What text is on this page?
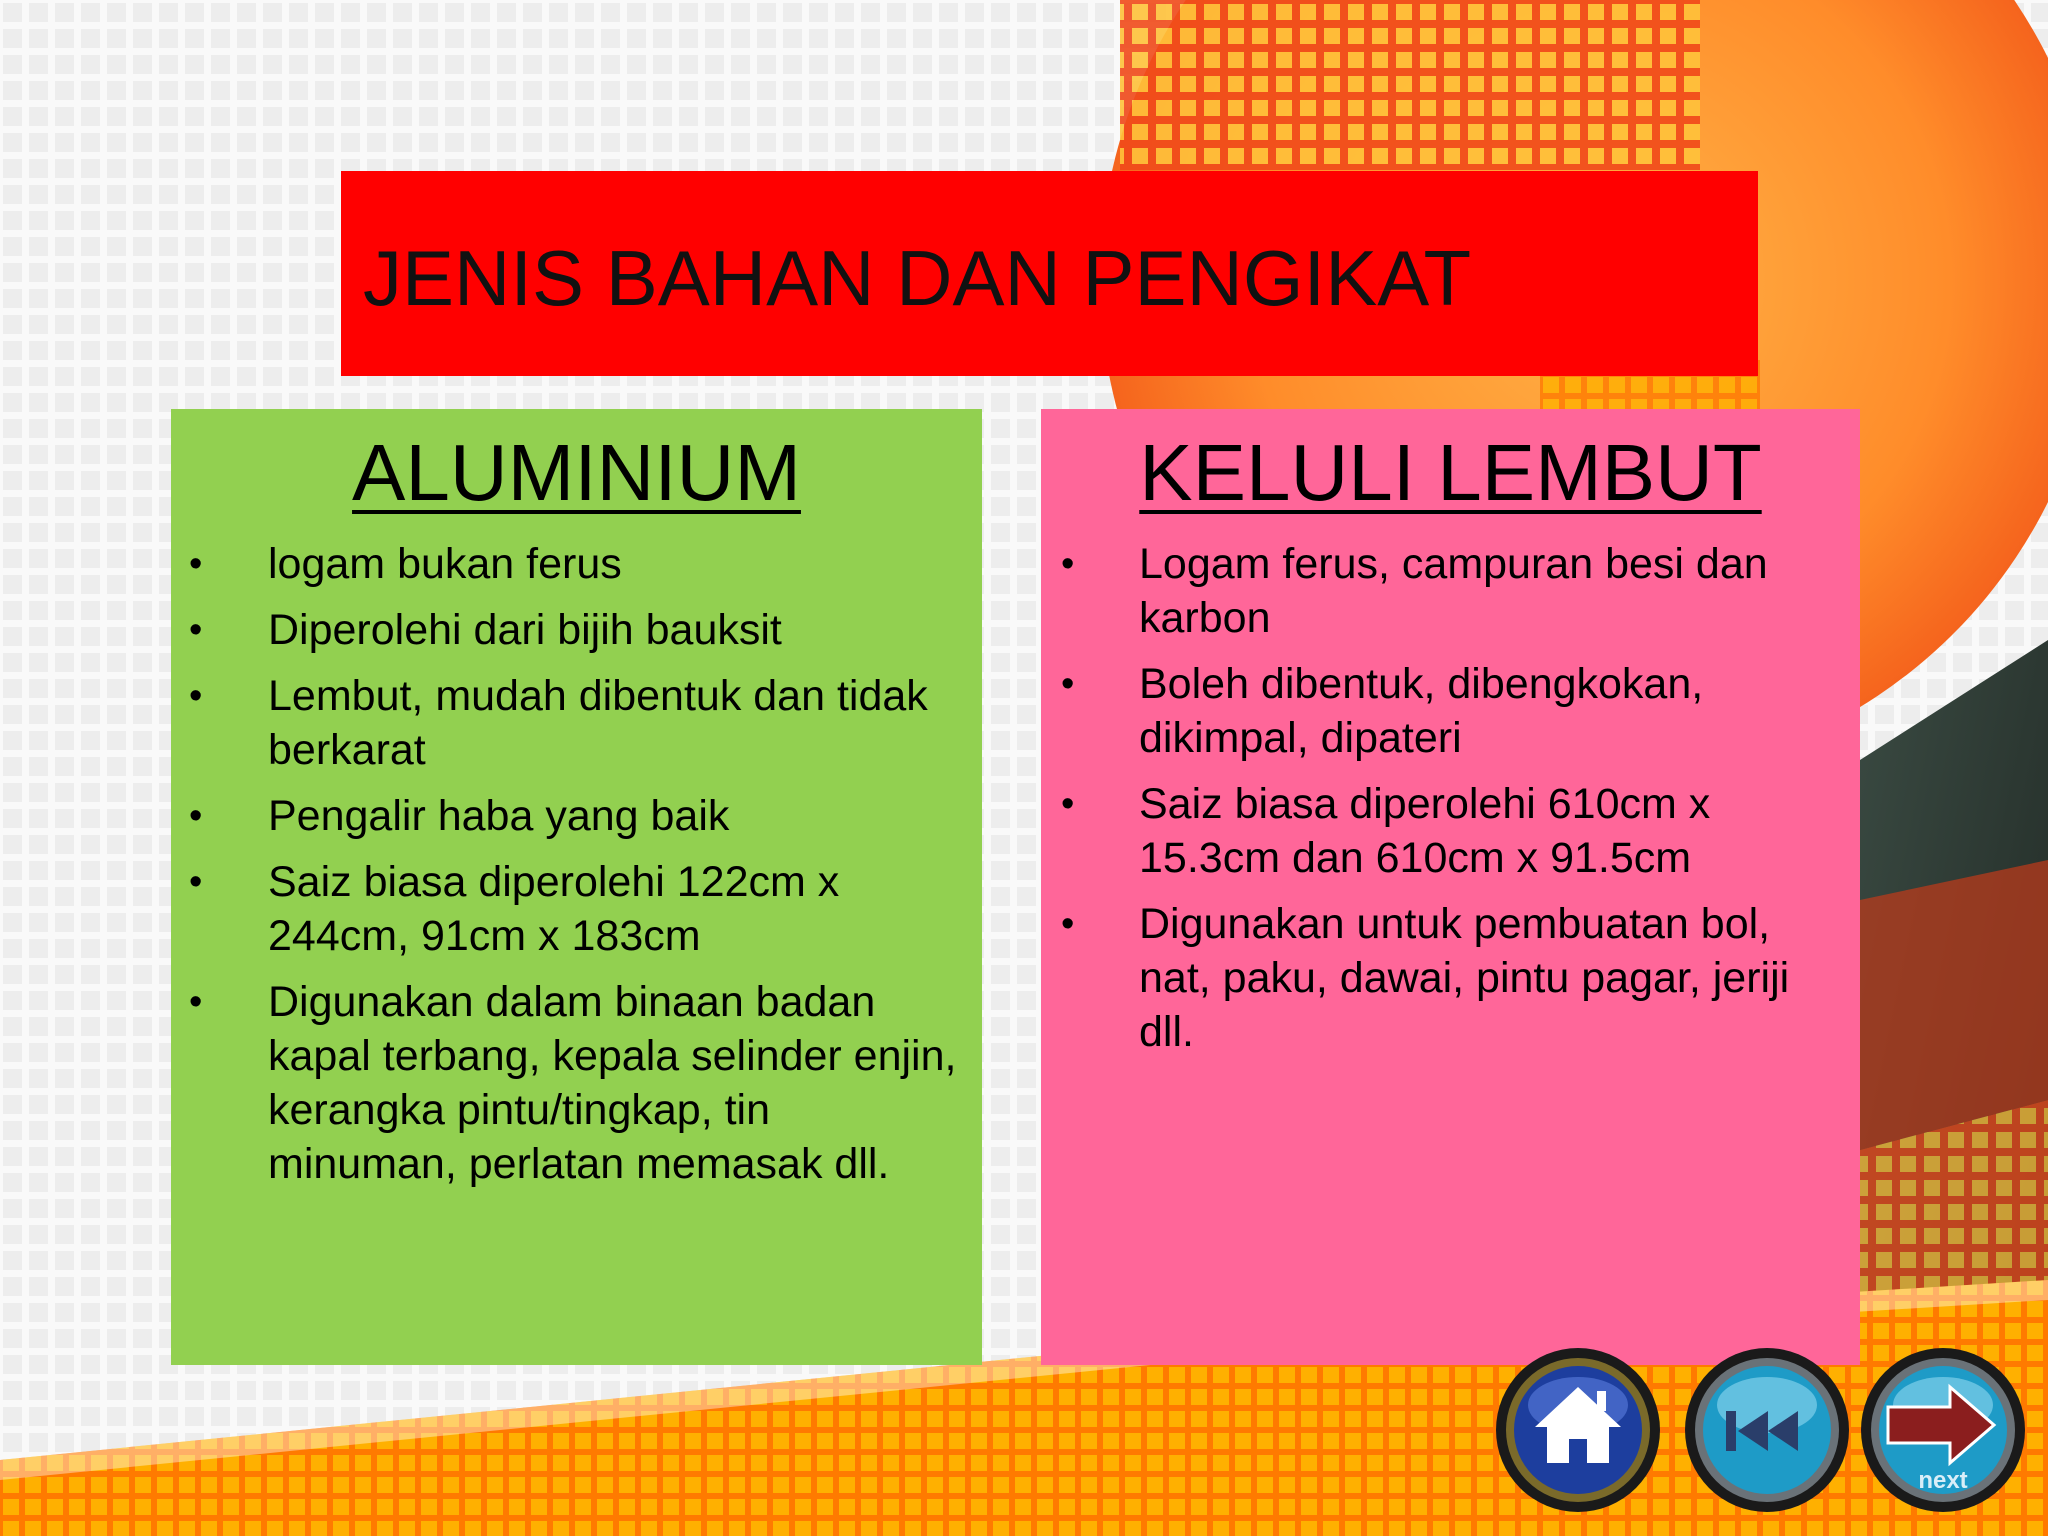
JENIS BAHAN DAN PENGIKAT
ALUMINIUM
• logam bukan ferus
• Diperolehi dari bijih bauksit
• Lembut, mudah dibentuk dan tidak berkarat
• Pengalir haba yang baik
• Saiz biasa diperolehi 122cm x 244cm, 91cm x 183cm
• Digunakan dalam binaan badan kapal terbang, kepala selinder enjin, kerangka pintu/tingkap, tin minuman, perlatan memasak dll.
KELULI LEMBUT
• Logam ferus, campuran besi dan karbon
• Boleh dibentuk, dibengkokan, dikimpal, dipateri
• Saiz biasa diperolehi 610cm x 15.3cm dan 610cm x 91.5cm
• Digunakan untuk pembuatan bol, nat, paku, dawai, pintu pagar, jeriji dll.
next
